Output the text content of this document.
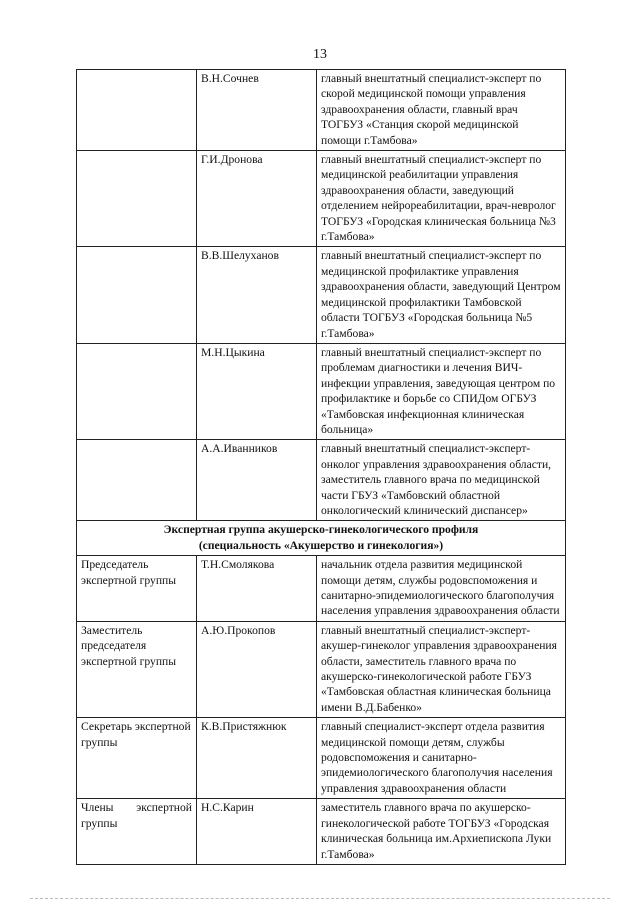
13
	В.Н.Сочнев	главный внештатный специалист-эксперт по скорой медицинской помощи управления здравоохранения области, главный врач ТОГБУЗ «Станция скорой медицинской помощи г.Тамбова»
	Г.И.Дронова	главный внештатный специалист-эксперт по медицинской реабилитации управления здравоохранения области, заведующий отделением нейрореабилитации, врач-невролог ТОГБУЗ «Городская клиническая больница №3 г.Тамбова»
	В.В.Шелуханов	главный внештатный специалист-эксперт по медицинской профилактике управления здравоохранения области, заведующий Центром медицинской профилактики Тамбовской области ТОГБУЗ «Городская больница №5 г.Тамбова»
	М.Н.Цыкина	главный внештатный специалист-эксперт по проблемам диагностики и лечения ВИЧ-инфекции управления, заведующая центром по профилактике и борьбе со СПИДом ОГБУЗ «Тамбовская инфекционная клиническая больница»
	А.А.Иванников	главный внештатный специалист-эксперт-онколог управления здравоохранения области, заместитель главного врача по медицинской части ГБУЗ «Тамбовский областной онкологический клинический диспансер»

Экспертная группа акушерско-гинекологического профиля
(специальность «Акушерство и гинекология»)		

Председатель экспертной группы	Т.Н.Смолякова	начальник отдела развития медицинской помощи детям, службы родовспоможения и санитарно-эпидемиологического благополучия населения управления здравоохранения области
Заместитель председателя экспертной группы	А.Ю.Прокопов	главный внештатный специалист-эксперт-акушер-гинеколог управления здравоохранения области, заместитель главного врача по акушерско-гинекологической работе ГБУЗ «Тамбовская областная клиническая больница имени В.Д.Бабенко»
Секретарь экспертной группы	К.В.Пристяжнюк	главный специалист-эксперт отдела развития медицинской помощи детям, службы родовспоможения и санитарно-эпидемиологического благополучия населения управления здравоохранения области

Члены экспертной
группы	Н.С.Карин	заместитель главного врача по акушерско-гинекологической работе ТОГБУЗ «Городская клиническая больница им.Архиепископа Луки г.Тамбова»
